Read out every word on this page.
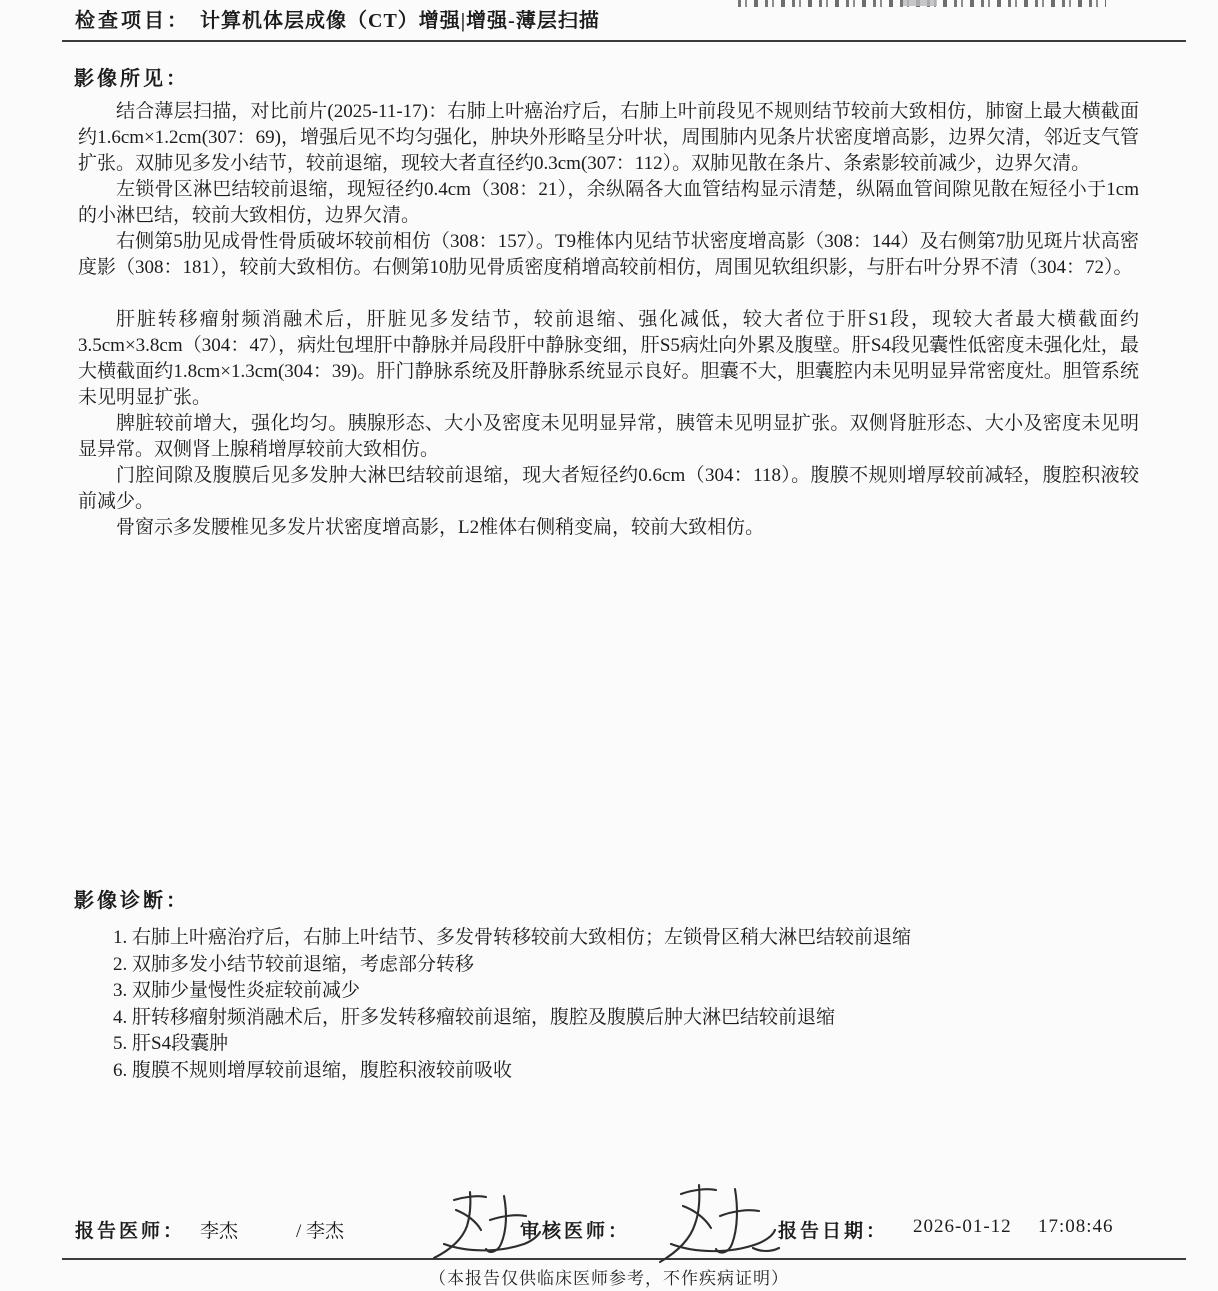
检查项目： 计算机体层成像（CT）增强|增强-薄层扫描
影像所见：

结合薄层扫描，对比前片(2025-11-17)：右肺上叶癌治疗后，右肺上叶前段见不规则结节较前大致相仿，肺窗上最大横截面约1.6cm×1.2cm(307：69)，增强后见不均匀强化，肿块外形略呈分叶状，周围肺内见条片状密度增高影，边界欠清，邻近支气管扩张。双肺见多发小结节，较前退缩，现较大者直径约0.3cm(307：112）。双肺见散在条片、条索影较前减少，边界欠清。

左锁骨区淋巴结较前退缩，现短径约0.4cm（308：21），余纵隔各大血管结构显示清楚，纵隔血管间隙见散在短径小于1cm的小淋巴结，较前大致相仿，边界欠清。

右侧第5肋见成骨性骨质破坏较前相仿（308：157）。T9椎体内见结节状密度增高影（308：144）及右侧第7肋见斑片状高密度影（308：181），较前大致相仿。右侧第10肋见骨质密度稍增高较前相仿，周围见软组织影，与肝右叶分界不清（304：72）。

肝脏转移瘤射频消融术后，肝脏见多发结节，较前退缩、强化减低，较大者位于肝S1段，现较大者最大横截面约3.5cm×3.8cm（304：47），病灶包埋肝中静脉并局段肝中静脉变细，肝S5病灶向外累及腹壁。肝S4段见囊性低密度未强化灶，最大横截面约1.8cm×1.3cm(304：39)。肝门静脉系统及肝静脉系统显示良好。胆囊不大，胆囊腔内未见明显异常密度灶。胆管系统未见明显扩张。

脾脏较前增大，强化均匀。胰腺形态、大小及密度未见明显异常，胰管未见明显扩张。双侧肾脏形态、大小及密度未见明显异常。双侧肾上腺稍增厚较前大致相仿。

门腔间隙及腹膜后见多发肿大淋巴结较前退缩，现大者短径约0.6cm（304：118）。腹膜不规则增厚较前减轻，腹腔积液较前减少。

骨窗示多发腰椎见多发片状密度增高影，L2椎体右侧稍变扁，较前大致相仿。

影像诊断：
1. 右肺上叶癌治疗后，右肺上叶结节、多发骨转移较前大致相仿；左锁骨区稍大淋巴结较前退缩
2. 双肺多发小结节较前退缩，考虑部分转移
3. 双肺少量慢性炎症较前减少
4. 肝转移瘤射频消融术后，肝多发转移瘤较前退缩，腹腔及腹膜后肿大淋巴结较前退缩
5. 肝S4段囊肿
6. 腹膜不规则增厚较前退缩，腹腔积液较前吸收
报告医师： 李杰	/ 李杰	审核医师：	报告日期： 2026-01-12 17:08:46
（本报告仅供临床医师参考，不作疾病证明）
